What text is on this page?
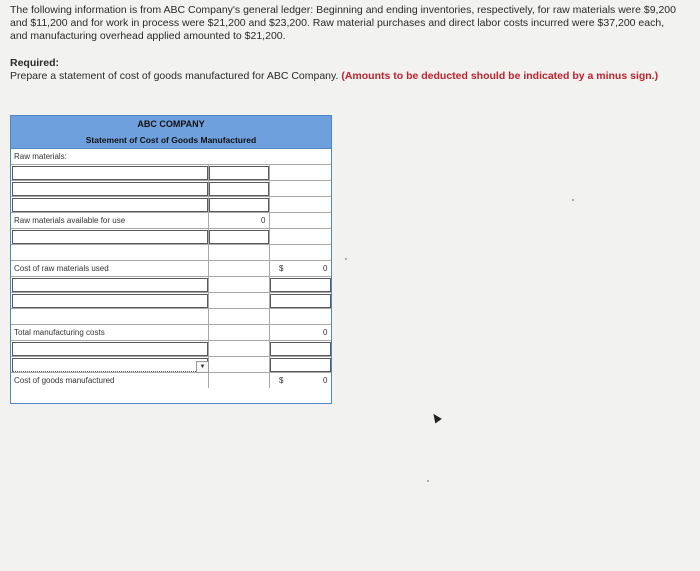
The following information is from ABC Company's general ledger: Beginning and ending inventories, respectively, for raw materials were $9,200 and $11,200 and for work in process were $21,200 and $23,200. Raw material purchases and direct labor costs incurred were $37,200 each, and manufacturing overhead applied amounted to $21,200.
Required:
Prepare a statement of cost of goods manufactured for ABC Company. (Amounts to be deducted should be indicated by a minus sign.)
ABC COMPANY
Statement of Cost of Goods Manufactured
Raw materials:
Raw materials available for use	0
Cost of raw materials used	$	0
Total manufacturing costs	0
▼
Cost of goods manufactured	$	0
